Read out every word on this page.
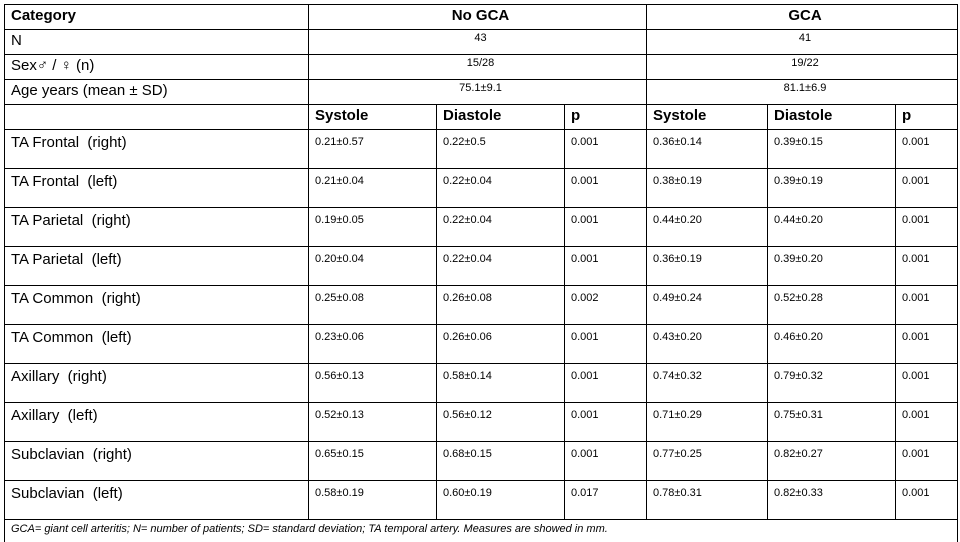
Category	No GCA			GCA		
N	43			41		
Sex♂ / ♀ (n)	15/28			19/22		
Age years (mean ± SD)	75.1±9.1			81.1±6.9		
	Systole	Diastole	p	Systole	Diastole	p
TA Frontal  (right)	0.21±0.57	0.22±0.5	0.001	0.36±0.14	0.39±0.15	0.001
TA Frontal  (left)	0.21±0.04	0.22±0.04	0.001	0.38±0.19	0.39±0.19	0.001
TA Parietal  (right)	0.19±0.05	0.22±0.04	0.001	0.44±0.20	0.44±0.20	0.001
TA Parietal  (left)	0.20±0.04	0.22±0.04	0.001	0.36±0.19	0.39±0.20	0.001
TA Common  (right)	0.25±0.08	0.26±0.08	0.002	0.49±0.24	0.52±0.28	0.001
TA Common  (left)	0.23±0.06	0.26±0.06	0.001	0.43±0.20	0.46±0.20	0.001
Axillary  (right)	0.56±0.13	0.58±0.14	0.001	0.74±0.32	0.79±0.32	0.001
Axillary  (left)	0.52±0.13	0.56±0.12	0.001	0.71±0.29	0.75±0.31	0.001
Subclavian  (right)	0.65±0.15	0.68±0.15	0.001	0.77±0.25	0.82±0.27	0.001
Subclavian  (left)	0.58±0.19	0.60±0.19	0.017	0.78±0.31	0.82±0.33	0.001
GCA= giant cell arteritis; N= number of patients; SD= standard deviation; TA temporal artery. Measures are showed in mm.						
